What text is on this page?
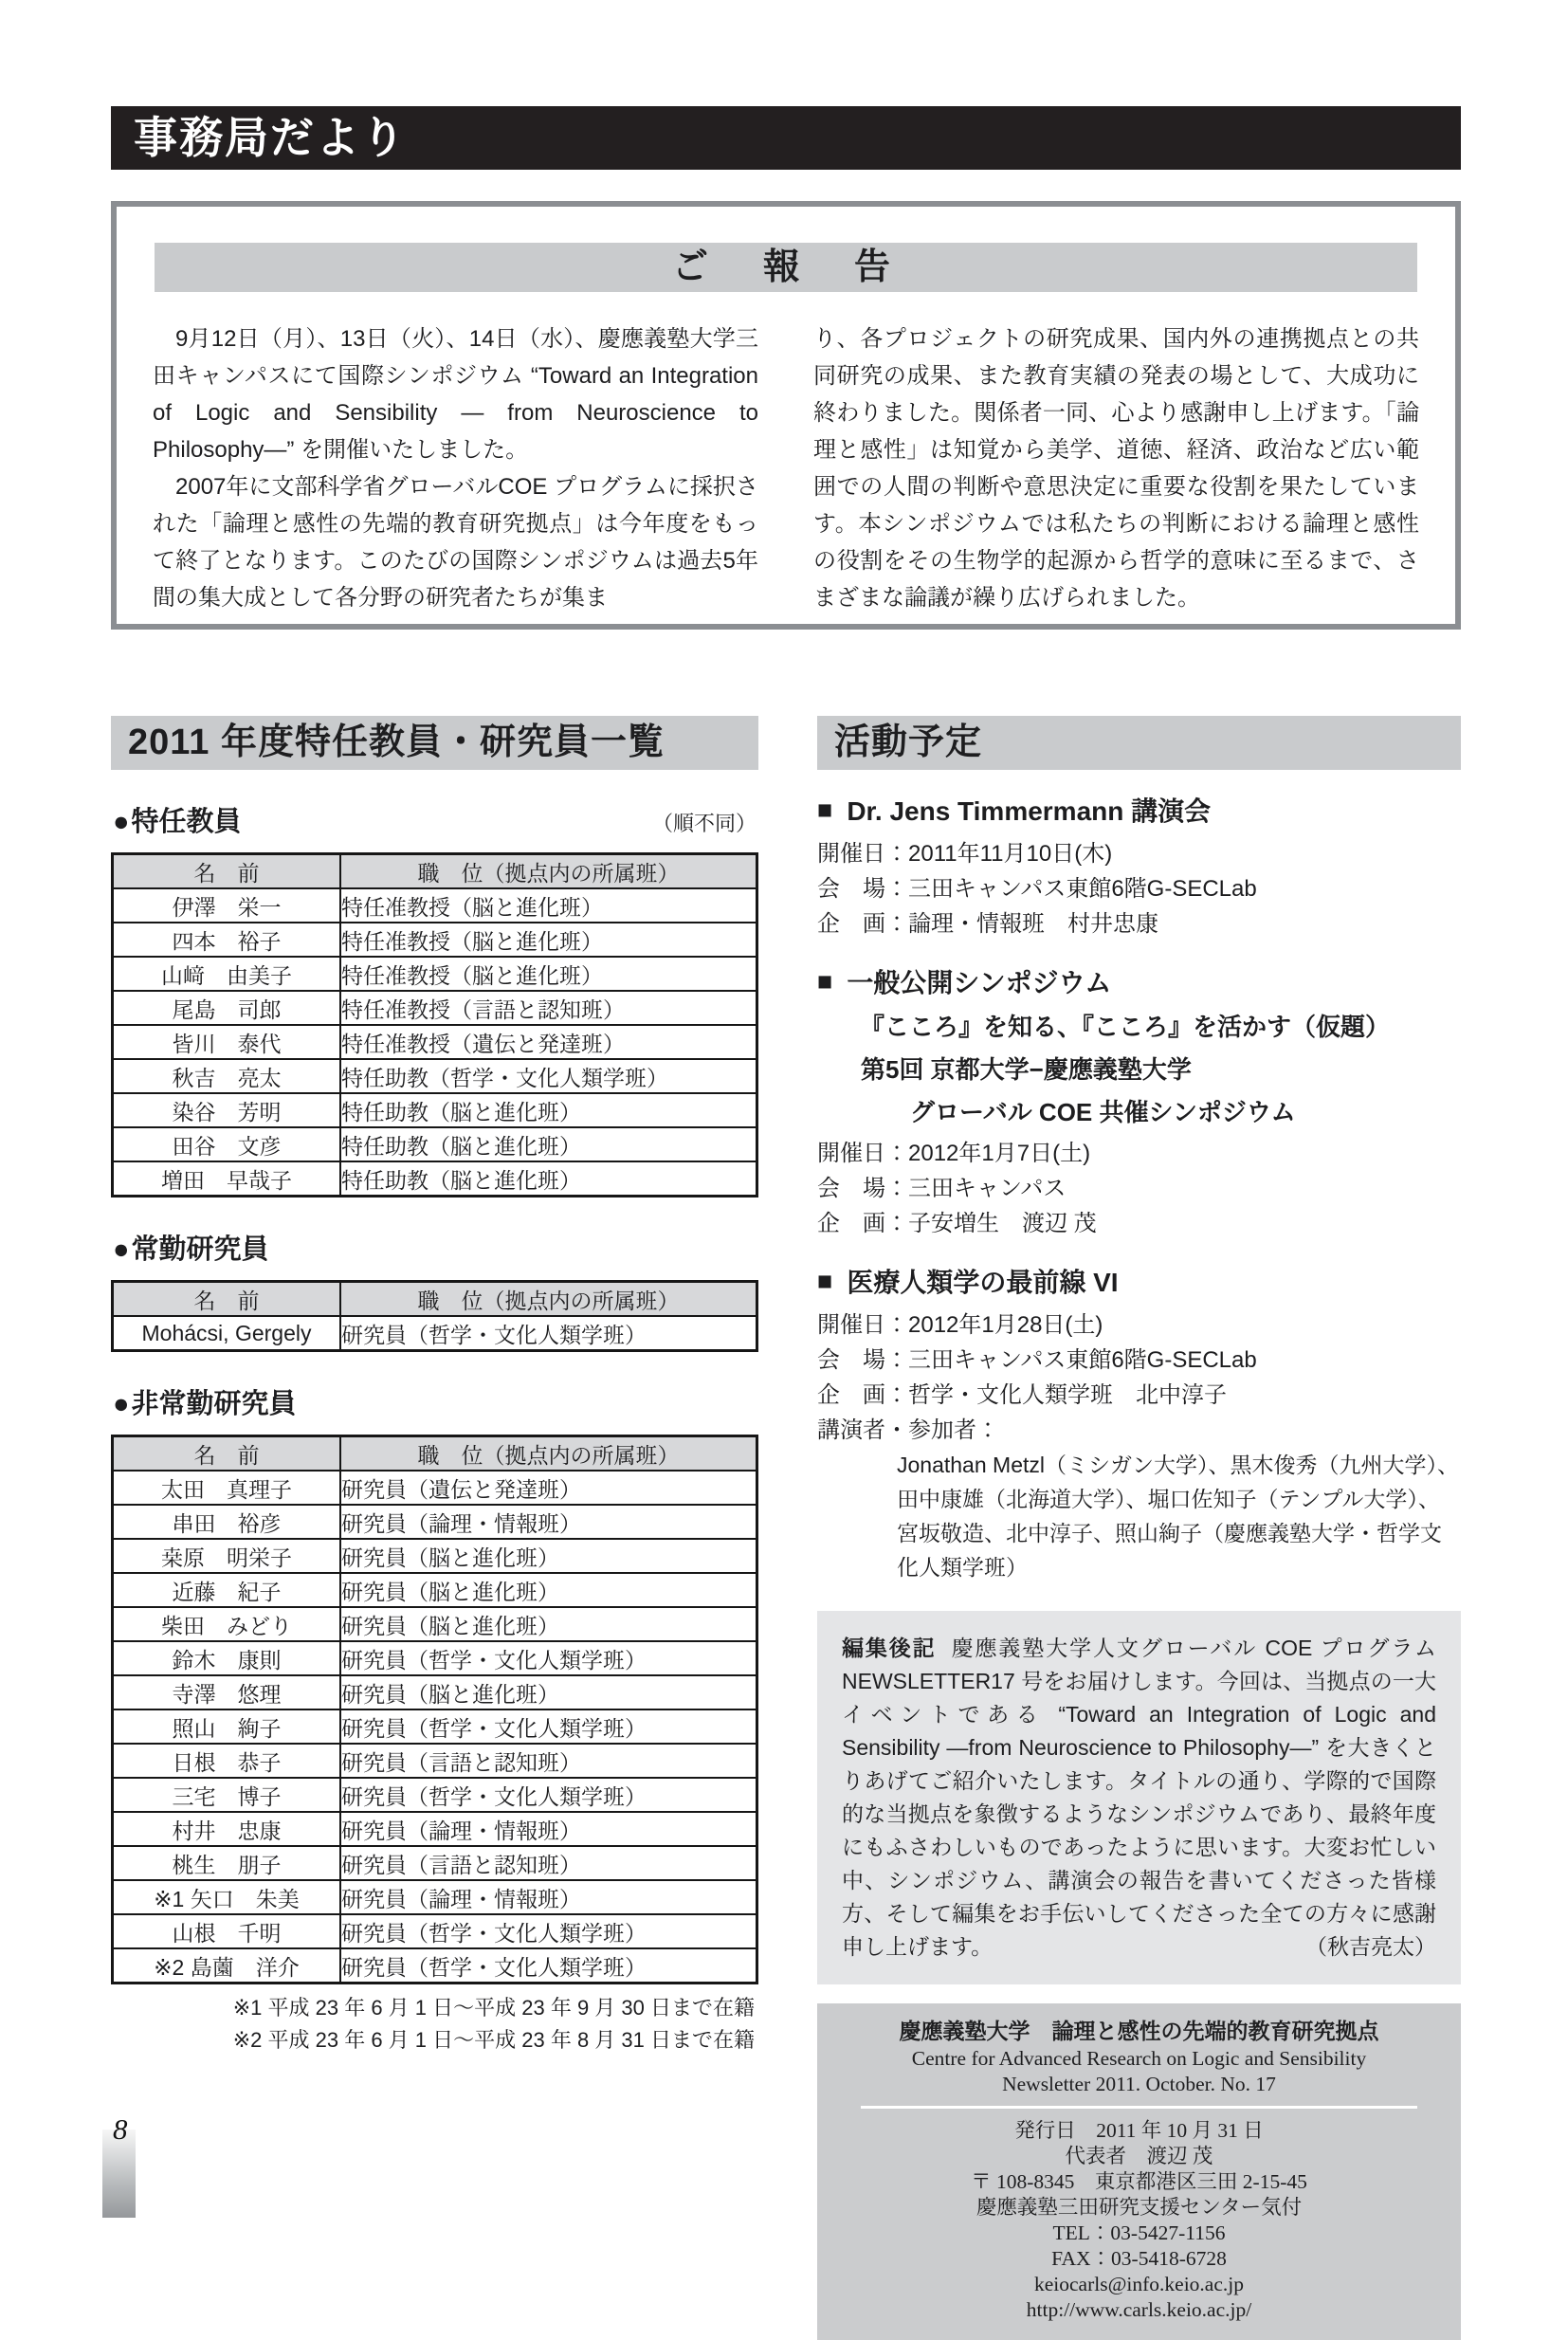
事務局だより
ご　報　告

9月12日（月）、13日（火）、14日（水）、慶應義塾大学三田キャンパスにて国際シンポジウム “Toward an Integration of Logic and Sensibility ― from Neuroscience to Philosophy―” を開催いたしました。

2007年に文部科学省グローバルCOE プログラムに採択された「論理と感性の先端的教育研究拠点」は今年度をもって終了となります。このたびの国際シンポジウムは過去5年間の集大成として各分野の研究者たちが集ま

り、各プロジェクトの研究成果、国内外の連携拠点との共同研究の成果、また教育実績の発表の場として、大成功に終わりました。関係者一同、心より感謝申し上げます。「論理と感性」は知覚から美学、道徳、経済、政治など広い範囲での人間の判断や意思決定に重要な役割を果たしています。本シンポジウムでは私たちの判断における論理と感性の役割をその生物学的起源から哲学的意味に至るまで、さまざまな論議が繰り広げられました。

2011 年度特任教員・研究員一覧
●特任教員	（順不同）
名　前	職　位（拠点内の所属班）
伊澤　栄一	特任准教授（脳と進化班）
四本　裕子	特任准教授（脳と進化班）
山﨑　由美子	特任准教授（脳と進化班）
尾島　司郎	特任准教授（言語と認知班）
皆川　泰代	特任准教授（遺伝と発達班）
秋吉　亮太	特任助教（哲学・文化人類学班）
染谷　芳明	特任助教（脳と進化班）
田谷　文彦	特任助教（脳と進化班）
増田　早哉子	特任助教（脳と進化班）
●常勤研究員
名　前	職　位（拠点内の所属班）
Mohácsi, Gergely	研究員（哲学・文化人類学班）
●非常勤研究員
名　前	職　位（拠点内の所属班）
太田　真理子	研究員（遺伝と発達班）
串田　裕彦	研究員（論理・情報班）
桒原　明栄子	研究員（脳と進化班）
近藤　紀子	研究員（脳と進化班）
柴田　みどり	研究員（脳と進化班）
鈴木　康則	研究員（哲学・文化人類学班）
寺澤　悠理	研究員（脳と進化班）
照山　絢子	研究員（哲学・文化人類学班）
日根　恭子	研究員（言語と認知班）
三宅　博子	研究員（哲学・文化人類学班）
村井　忠康	研究員（論理・情報班）
桃生　朋子	研究員（言語と認知班）
※1 矢口　朱美	研究員（論理・情報班）
山根　千明	研究員（哲学・文化人類学班）
※2 島薗　洋介	研究員（哲学・文化人類学班）
※1 平成 23 年 6 月 1 日～平成 23 年 9 月 30 日まで在籍
※2 平成 23 年 6 月 1 日～平成 23 年 8 月 31 日まで在籍
活動予定
■ Dr. Jens Timmermann 講演会
開催日：2011年11月10日(木)
会　場：三田キャンパス東館6階G-SECLab
企　画：論理・情報班　村井忠康
■ 一般公開シンポジウム
『こころ』を知る、『こころ』を活かす（仮題）
第5回 京都大学−慶應義塾大学
グローバル COE 共催シンポジウム
開催日：2012年1月7日(土)
会　場：三田キャンパス
企　画：子安増生　渡辺 茂
■ 医療人類学の最前線 VI
開催日：2012年1月28日(土)
会　場：三田キャンパス東館6階G-SECLab
企　画：哲学・文化人類学班　北中淳子
講演者・参加者：
Jonathan Metzl（ミシガン大学）、黒木俊秀（九州大学）、田中康雄（北海道大学）、堀口佐知子（テンプル大学）、宮坂敬造、北中淳子、照山絢子（慶應義塾大学・哲学文化人類学班）
編集後記 慶應義塾大学人文グローバル COE プログラムNEWSLETTER17 号をお届けします。今回は、当拠点の一大イベントである “Toward an Integration of Logic and Sensibility —from Neuroscience to Philosophy—” を大きくとりあげてご紹介いたします。タイトルの通り、学際的で国際的な当拠点を象徴するようなシンポジウムであり、最終年度にもふさわしいものであったように思います。大変お忙しい中、シンポジウム、講演会の報告を書いてくださった皆様方、そして編集をお手伝いしてくださった全ての方々に感謝申し上げます。	（秋吉亮太）
慶應義塾大学　論理と感性の先端的教育研究拠点
Centre for Advanced Research on Logic and Sensibility
Newsletter 2011. October. No. 17
発行日　2011 年 10 月 31 日
代表者　渡辺 茂
〒 108-8345　東京都港区三田 2-15-45
慶應義塾三田研究支援センター気付
TEL：03-5427-1156
FAX：03-5418-6728
keiocarls@info.keio.ac.jp
http://www.carls.keio.ac.jp/
8
